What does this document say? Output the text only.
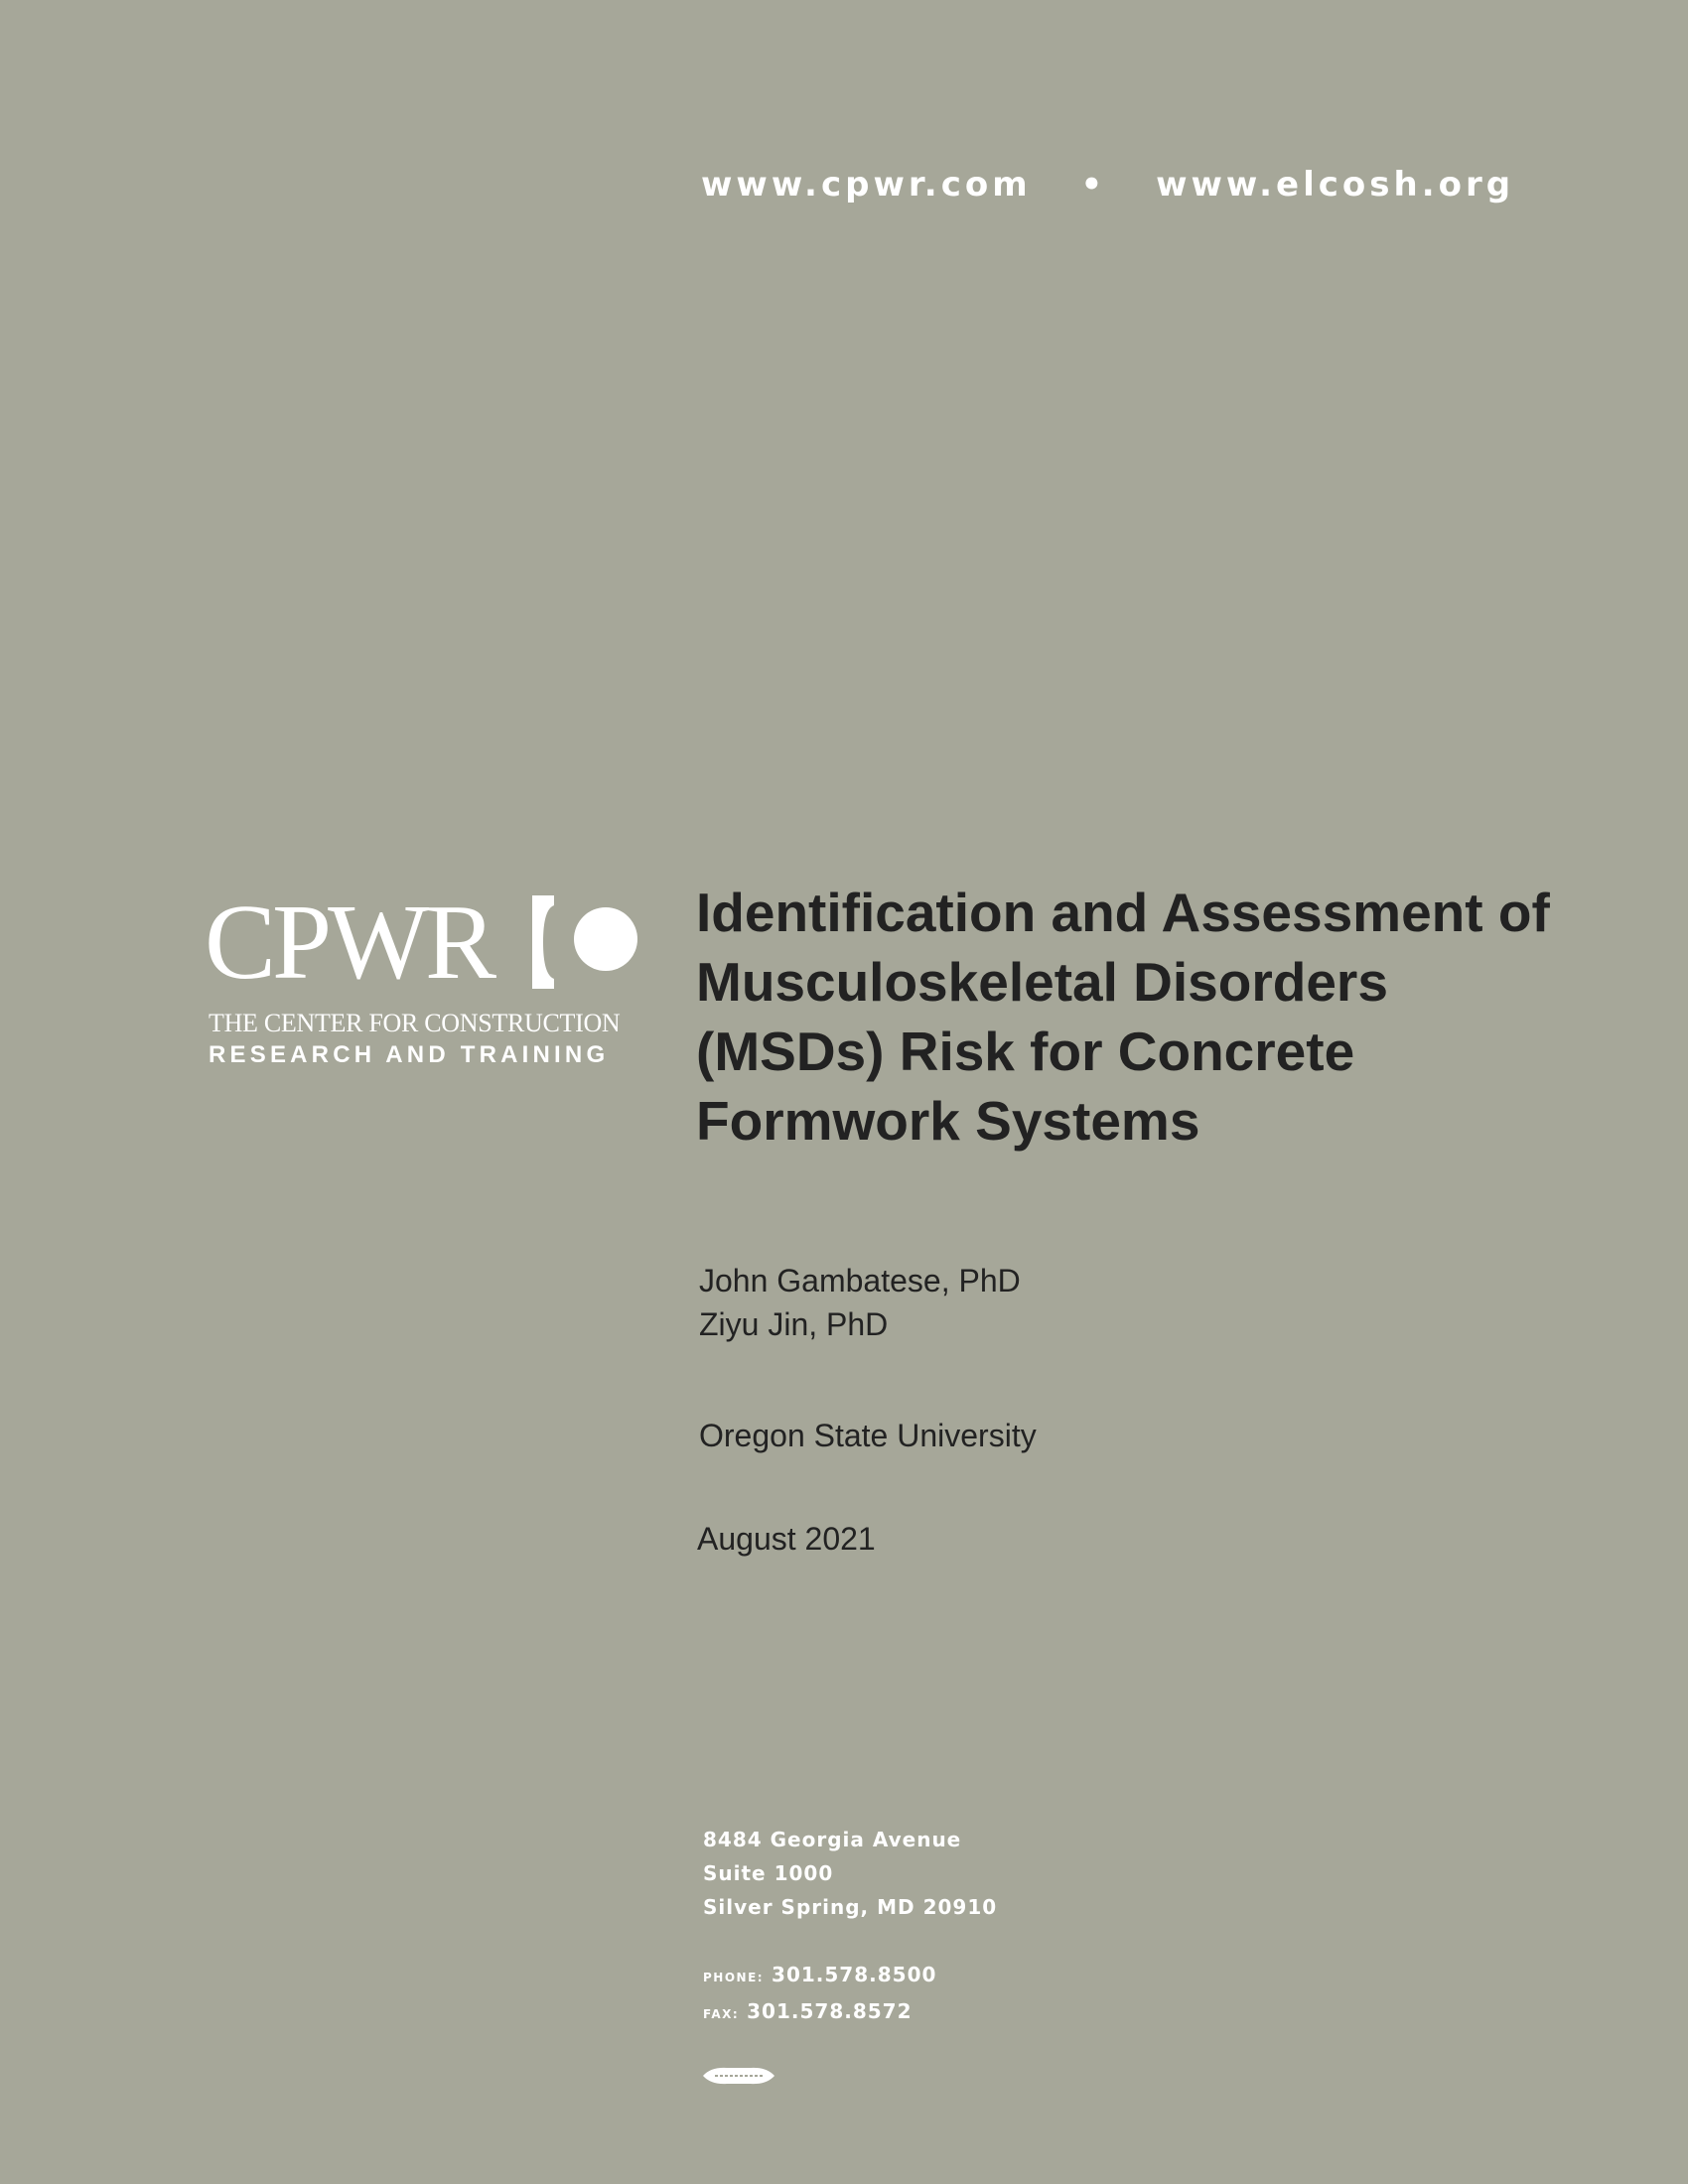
www.cpwr.com • www.elcosh.org
CPWR
THE CENTER FOR CONSTRUCTION
RESEARCH AND TRAINING
Identification and Assessment of
Musculoskeletal Disorders
(MSDs) Risk for Concrete
Formwork Systems
John Gambatese, PhD
Ziyu Jin, PhD
Oregon State University
August 2021
8484 Georgia Avenue
Suite 1000
Silver Spring, MD 20910
PHONE: 301.578.8500
FAX: 301.578.8572
